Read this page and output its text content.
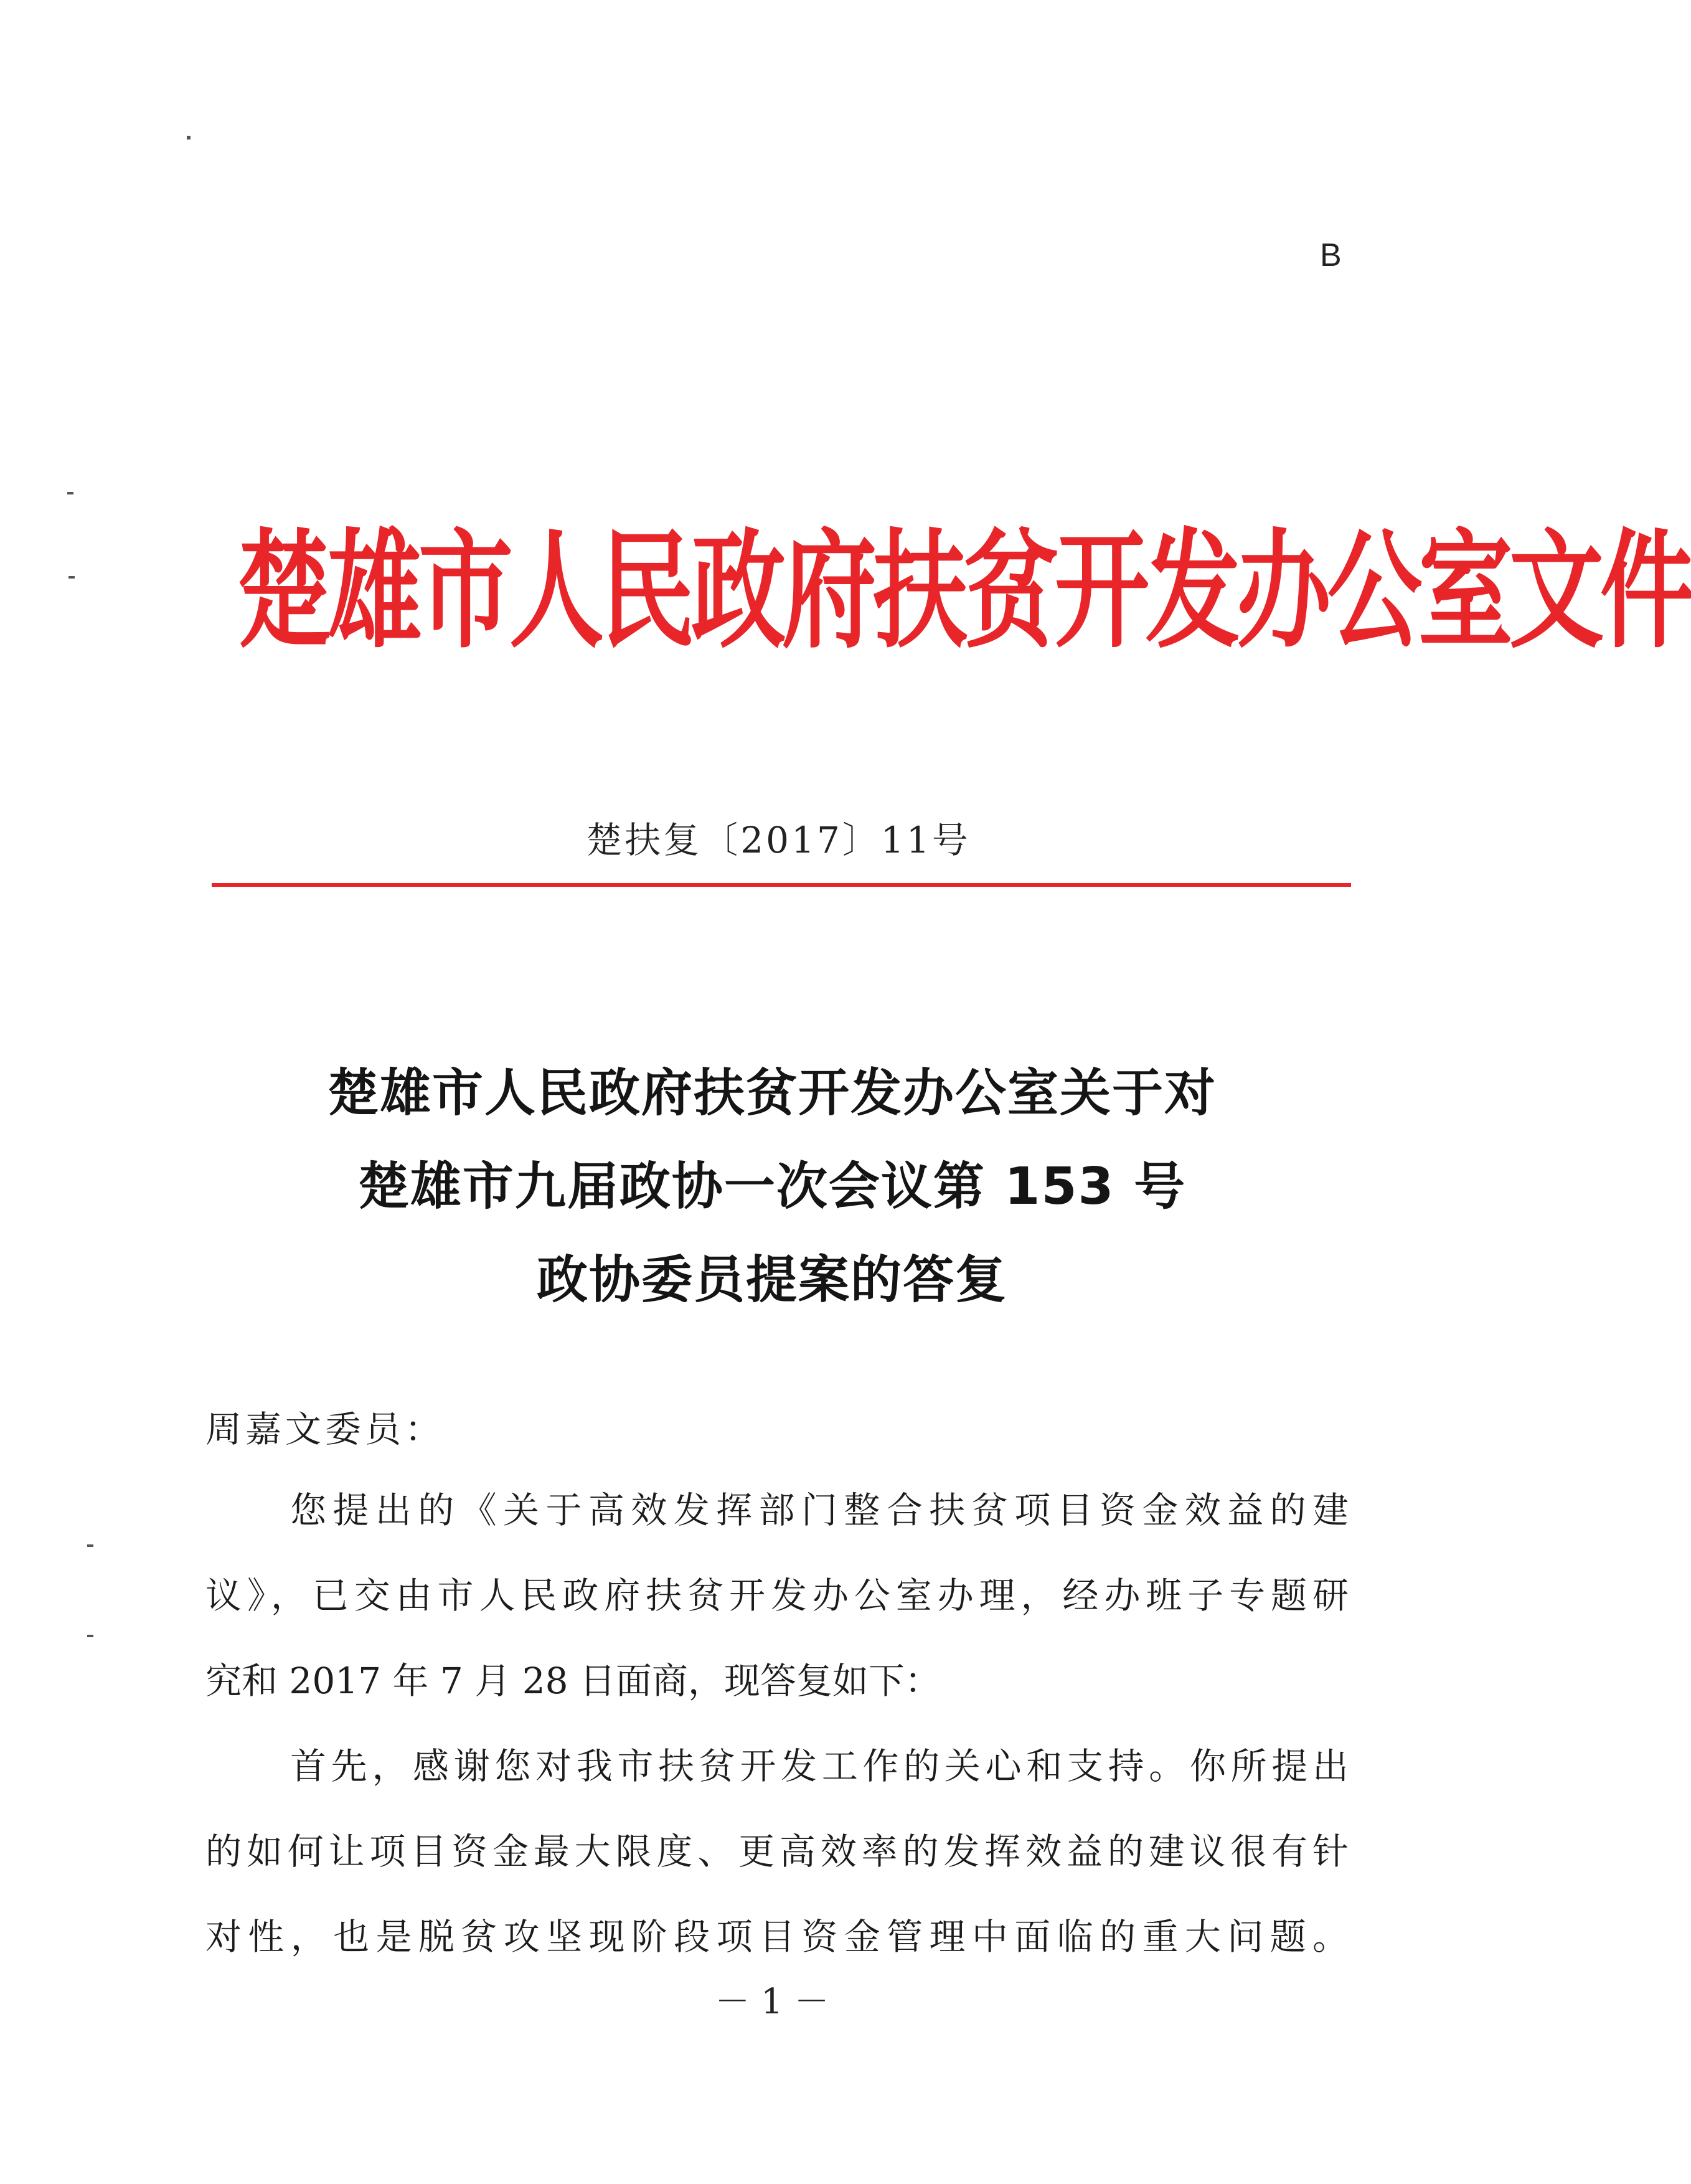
B
楚雄市人民政府扶贫开发办公室文件
楚扶复〔2017〕11号
楚雄市人民政府扶贫开发办公室关于对
楚雄市九届政协一次会议第 153 号
政协委员提案的答复
周嘉文委员：
您提出的《关于高效发挥部门整合扶贫项目资金效益的建
议》，已交由市人民政府扶贫开发办公室办理，经办班子专题研
究和 2017 年 7 月 28 日面商，现答复如下：
首先，感谢您对我市扶贫开发工作的关心和支持。你所提出
的如何让项目资金最大限度、更高效率的发挥效益的建议很有针
对性，也是脱贫攻坚现阶段项目资金管理中面临的重大问题。
－ 1 －
